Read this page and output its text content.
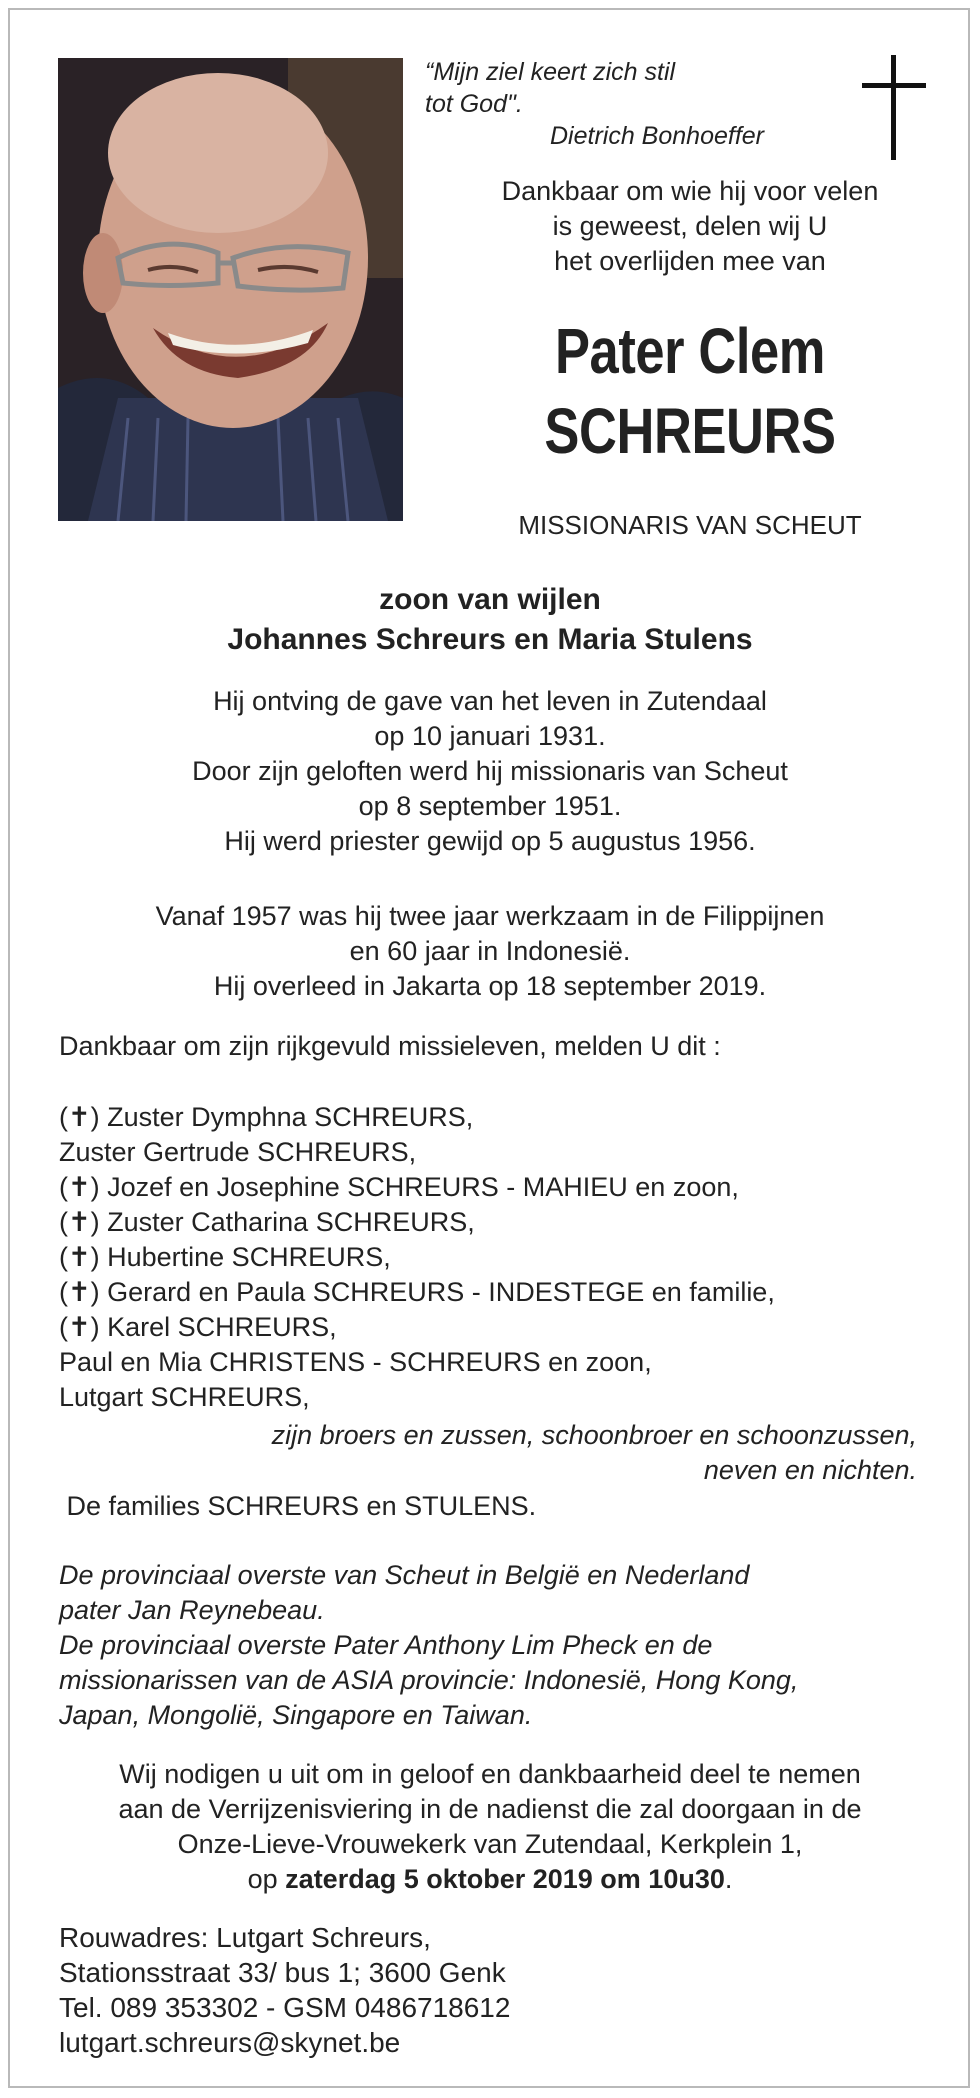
“Mijn ziel keert zich stil
tot God".
Dietrich Bonhoeffer
Dankbaar om wie hij voor velen
is geweest, delen wij U
het overlijden mee van
Pater Clem
SCHREURS
MISSIONARIS VAN SCHEUT
zoon van wijlen
Johannes Schreurs en Maria Stulens
Hij ontving de gave van het leven in Zutendaal
op 10 januari 1931.
Door zijn geloften werd hij missionaris van Scheut
op 8 september 1951.
Hij werd priester gewijd op 5 augustus 1956.
Vanaf 1957 was hij twee jaar werkzaam in de Filippijnen
en 60 jaar in Indonesië.
Hij overleed in Jakarta op 18 september 2019.
Dankbaar om zijn rijkgevuld missieleven, melden U dit :
(✝) Zuster Dymphna SCHREURS,
Zuster Gertrude SCHREURS,
(✝) Jozef en Josephine SCHREURS - MAHIEU en zoon,
(✝) Zuster Catharina SCHREURS,
(✝) Hubertine SCHREURS,
(✝) Gerard en Paula SCHREURS - INDESTEGE en familie,
(✝) Karel SCHREURS,
Paul en Mia CHRISTENS - SCHREURS en zoon,
Lutgart SCHREURS,
zijn broers en zussen, schoonbroer en schoonzussen,
neven en nichten.
De families SCHREURS en STULENS.
De provinciaal overste van Scheut in België en Nederland
pater Jan Reynebeau.
De provinciaal overste Pater Anthony Lim Pheck en de
missionarissen van de ASIA provincie: Indonesië, Hong Kong,
Japan, Mongolië, Singapore en Taiwan.
Wij nodigen u uit om in geloof en dankbaarheid deel te nemen
aan de Verrijzenisviering in de nadienst die zal doorgaan in de
Onze-Lieve-Vrouwekerk van Zutendaal, Kerkplein 1,
op zaterdag 5 oktober 2019 om 10u30.
Rouwadres: Lutgart Schreurs,
Stationsstraat 33/ bus 1; 3600 Genk
Tel. 089 353302 - GSM 0486718612
lutgart.schreurs@skynet.be
